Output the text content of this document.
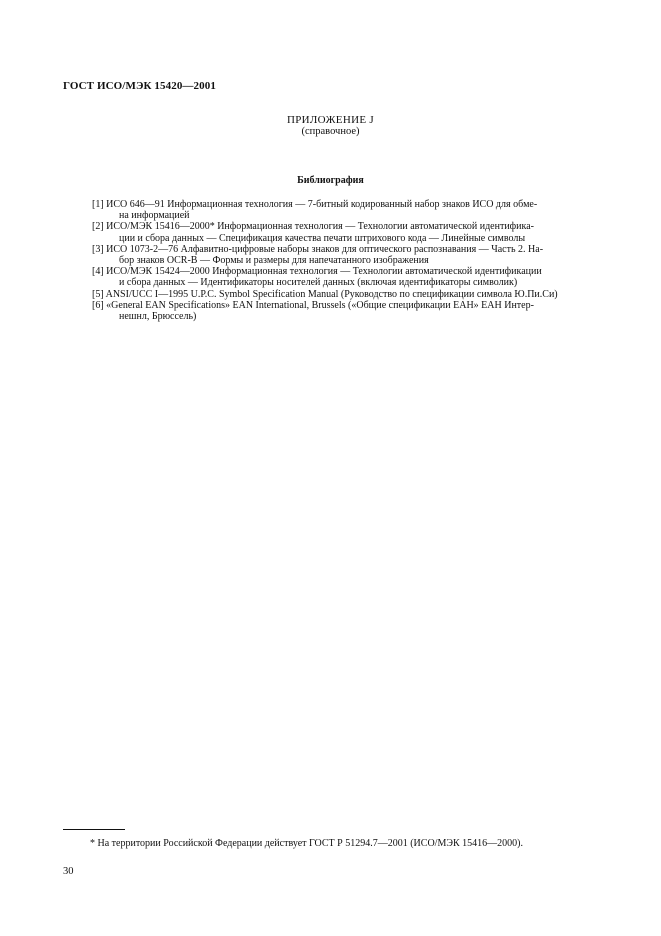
ГОСТ ИСО/МЭК 15420—2001
ПРИЛОЖЕНИЕ J
(справочное)
Библиография
[1] ИСО 646—91 Информационная технология — 7-битный кодированный набор знаков ИСО для обме-
на информацией
[2] ИСО/МЭК 15416—2000* Информационная технология — Технологии автоматической идентифика-
ции и сбора данных — Спецификация качества печати штрихового кода — Линейные символы
[3] ИСО 1073-2—76 Алфавитно-цифровые наборы знаков для оптического распознавания — Часть 2. На-
бор знаков OCR-B — Формы и размеры для напечатанного изображения
[4] ИСО/МЭК 15424—2000 Информационная технология — Технологии автоматической идентификации
и сбора данных — Идентификаторы носителей данных (включая идентификаторы символик)
[5] ANSI/UCC I—1995 U.P.C. Symbol Specification Manual (Руководство по спецификации символа Ю.Пи.Си)
[6] «General EAN Specifications» EAN International, Brussels («Общие спецификации ЕАН» ЕАН Интер-
нешнл, Брюссель)
* На территории Российской Федерации действует ГОСТ Р 51294.7—2001 (ИСО/МЭК 15416—2000).
30
